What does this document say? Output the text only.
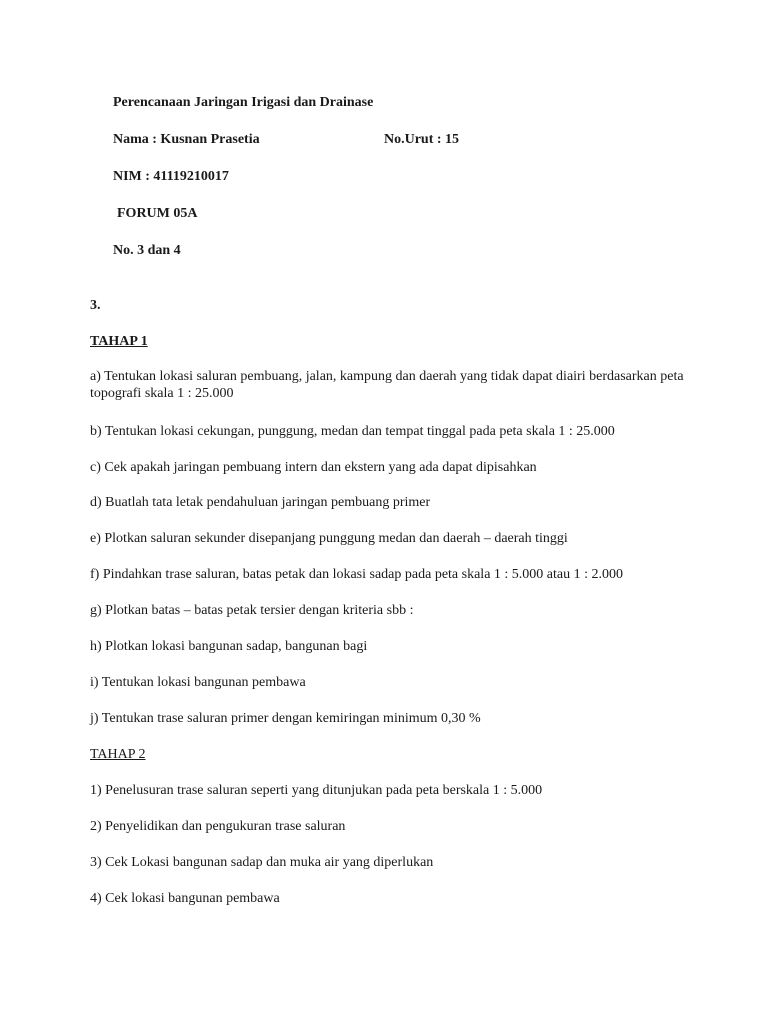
Perencanaan Jaringan Irigasi dan Drainase
Nama : Kusnan Prasetia	No.Urut : 15
NIM : 41119210017
FORUM 05A
No. 3 dan 4
3.
TAHAP 1
a) Tentukan lokasi saluran pembuang, jalan, kampung dan daerah yang tidak dapat diairi berdasarkan peta topografi skala 1 : 25.000
b) Tentukan lokasi cekungan, punggung, medan dan tempat tinggal pada peta skala 1 : 25.000
c) Cek apakah jaringan pembuang intern dan ekstern yang ada dapat dipisahkan
d) Buatlah tata letak pendahuluan jaringan pembuang primer
e) Plotkan saluran sekunder disepanjang punggung medan dan daerah – daerah tinggi
f) Pindahkan trase saluran, batas petak dan lokasi sadap pada peta skala 1 : 5.000 atau 1 : 2.000
g) Plotkan batas – batas petak tersier dengan kriteria sbb :
h) Plotkan lokasi bangunan sadap, bangunan bagi
i) Tentukan lokasi bangunan pembawa
j) Tentukan trase saluran primer dengan kemiringan minimum 0,30 %
TAHAP 2
1) Penelusuran trase saluran seperti yang ditunjukan pada peta berskala 1 : 5.000
2) Penyelidikan dan pengukuran trase saluran
3) Cek Lokasi bangunan sadap dan muka air yang diperlukan
4) Cek lokasi bangunan pembawa
